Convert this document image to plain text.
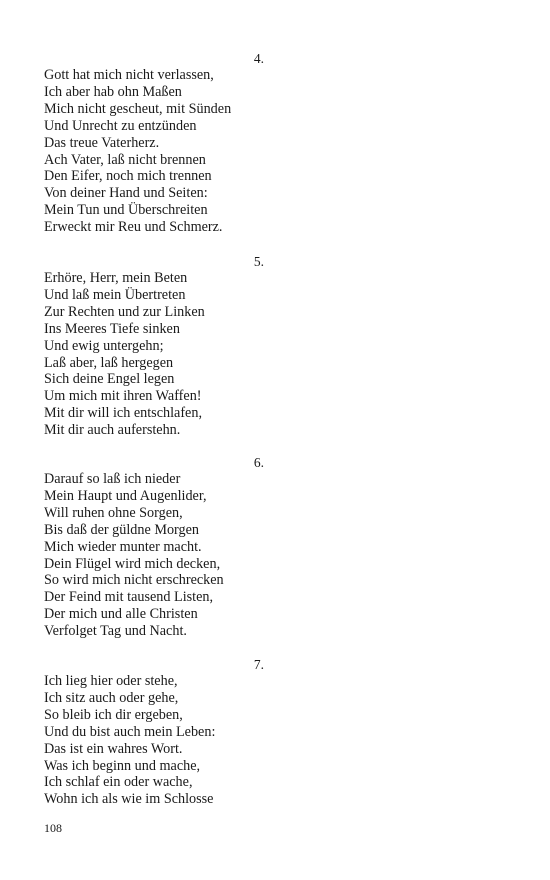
4.
Gott hat mich nicht verlassen,
Ich aber hab ohn Maßen
Mich nicht gescheut, mit Sünden
Und Unrecht zu entzünden
Das treue Vaterherz.
Ach Vater, laß nicht brennen
Den Eifer, noch mich trennen
Von deiner Hand und Seiten:
Mein Tun und Überschreiten
Erweckt mir Reu und Schmerz.
5.
Erhöre, Herr, mein Beten
Und laß mein Übertreten
Zur Rechten und zur Linken
Ins Meeres Tiefe sinken
Und ewig untergehn;
Laß aber, laß hergegen
Sich deine Engel legen
Um mich mit ihren Waffen!
Mit dir will ich entschlafen,
Mit dir auch auferstehn.
6.
Darauf so laß ich nieder
Mein Haupt und Augenlider,
Will ruhen ohne Sorgen,
Bis daß der güldne Morgen
Mich wieder munter macht.
Dein Flügel wird mich decken,
So wird mich nicht erschrecken
Der Feind mit tausend Listen,
Der mich und alle Christen
Verfolget Tag und Nacht.
7.
Ich lieg hier oder stehe,
Ich sitz auch oder gehe,
So bleib ich dir ergeben,
Und du bist auch mein Leben:
Das ist ein wahres Wort.
Was ich beginn und mache,
Ich schlaf ein oder wache,
Wohn ich als wie im Schlosse
108
